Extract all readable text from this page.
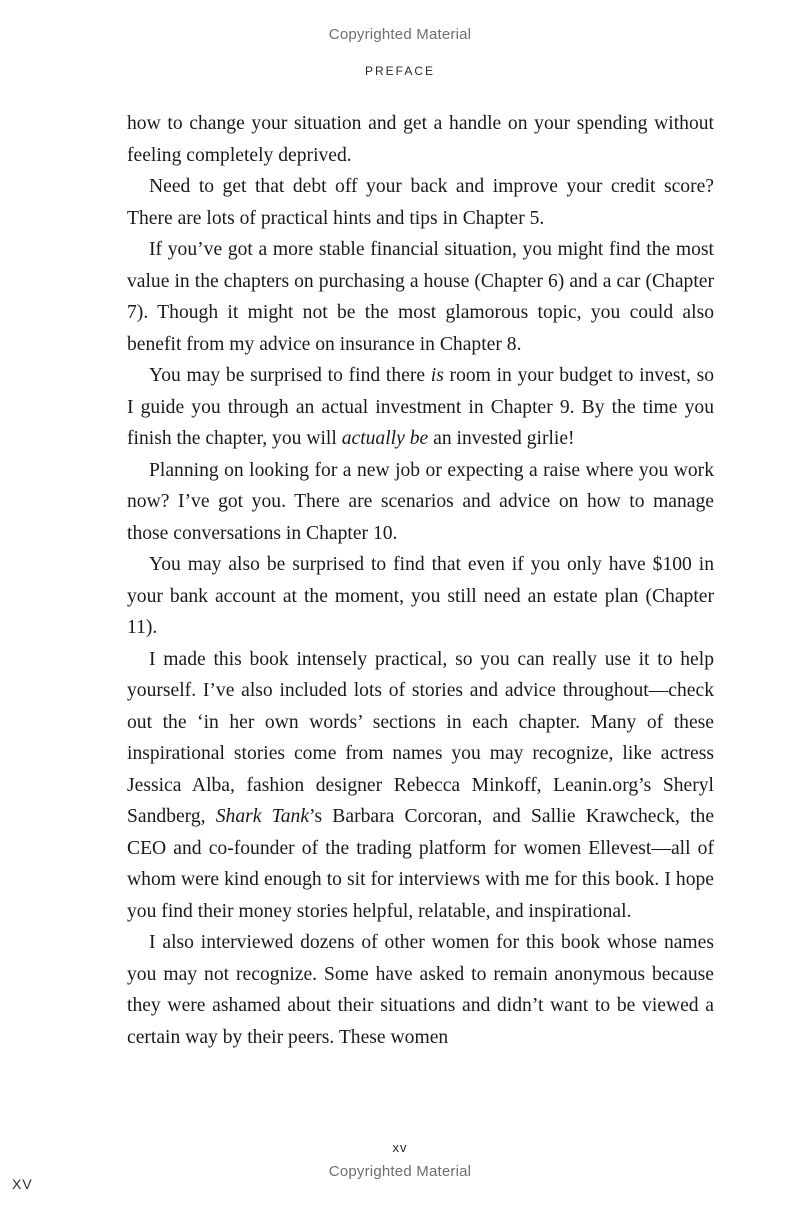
Copyrighted Material
PREFACE

how to change your situation and get a handle on your spending without feeling completely deprived.

Need to get that debt off your back and improve your credit score? There are lots of practical hints and tips in Chapter 5.

If you’ve got a more stable financial situation, you might find the most value in the chapters on purchasing a house (Chapter 6) and a car (Chapter 7). Though it might not be the most glamorous topic, you could also benefit from my advice on insurance in Chapter 8.

You may be surprised to find there is room in your budget to invest, so I guide you through an actual investment in Chapter 9. By the time you finish the chapter, you will actually be an invested girlie!

Planning on looking for a new job or expecting a raise where you work now? I’ve got you. There are scenarios and advice on how to manage those conversations in Chapter 10.

You may also be surprised to find that even if you only have $100 in your bank account at the moment, you still need an estate plan (Chapter 11).

I made this book intensely practical, so you can really use it to help yourself. I’ve also included lots of stories and advice throughout—check out the ‘in her own words’ sections in each chapter. Many of these inspirational stories come from names you may recognize, like actress Jessica Alba, fashion designer Rebecca Minkoff, Leanin.org’s Sheryl Sandberg, Shark Tank’s Barbara Corcoran, and Sallie Krawcheck, the CEO and co-founder of the trading platform for women Ellevest—all of whom were kind enough to sit for interviews with me for this book. I hope you find their money stories helpful, relatable, and inspirational.

I also interviewed dozens of other women for this book whose names you may not recognize. Some have asked to remain anonymous because they were ashamed about their situations and didn’t want to be viewed a certain way by their peers. These women

xv
Copyrighted Material
XV
